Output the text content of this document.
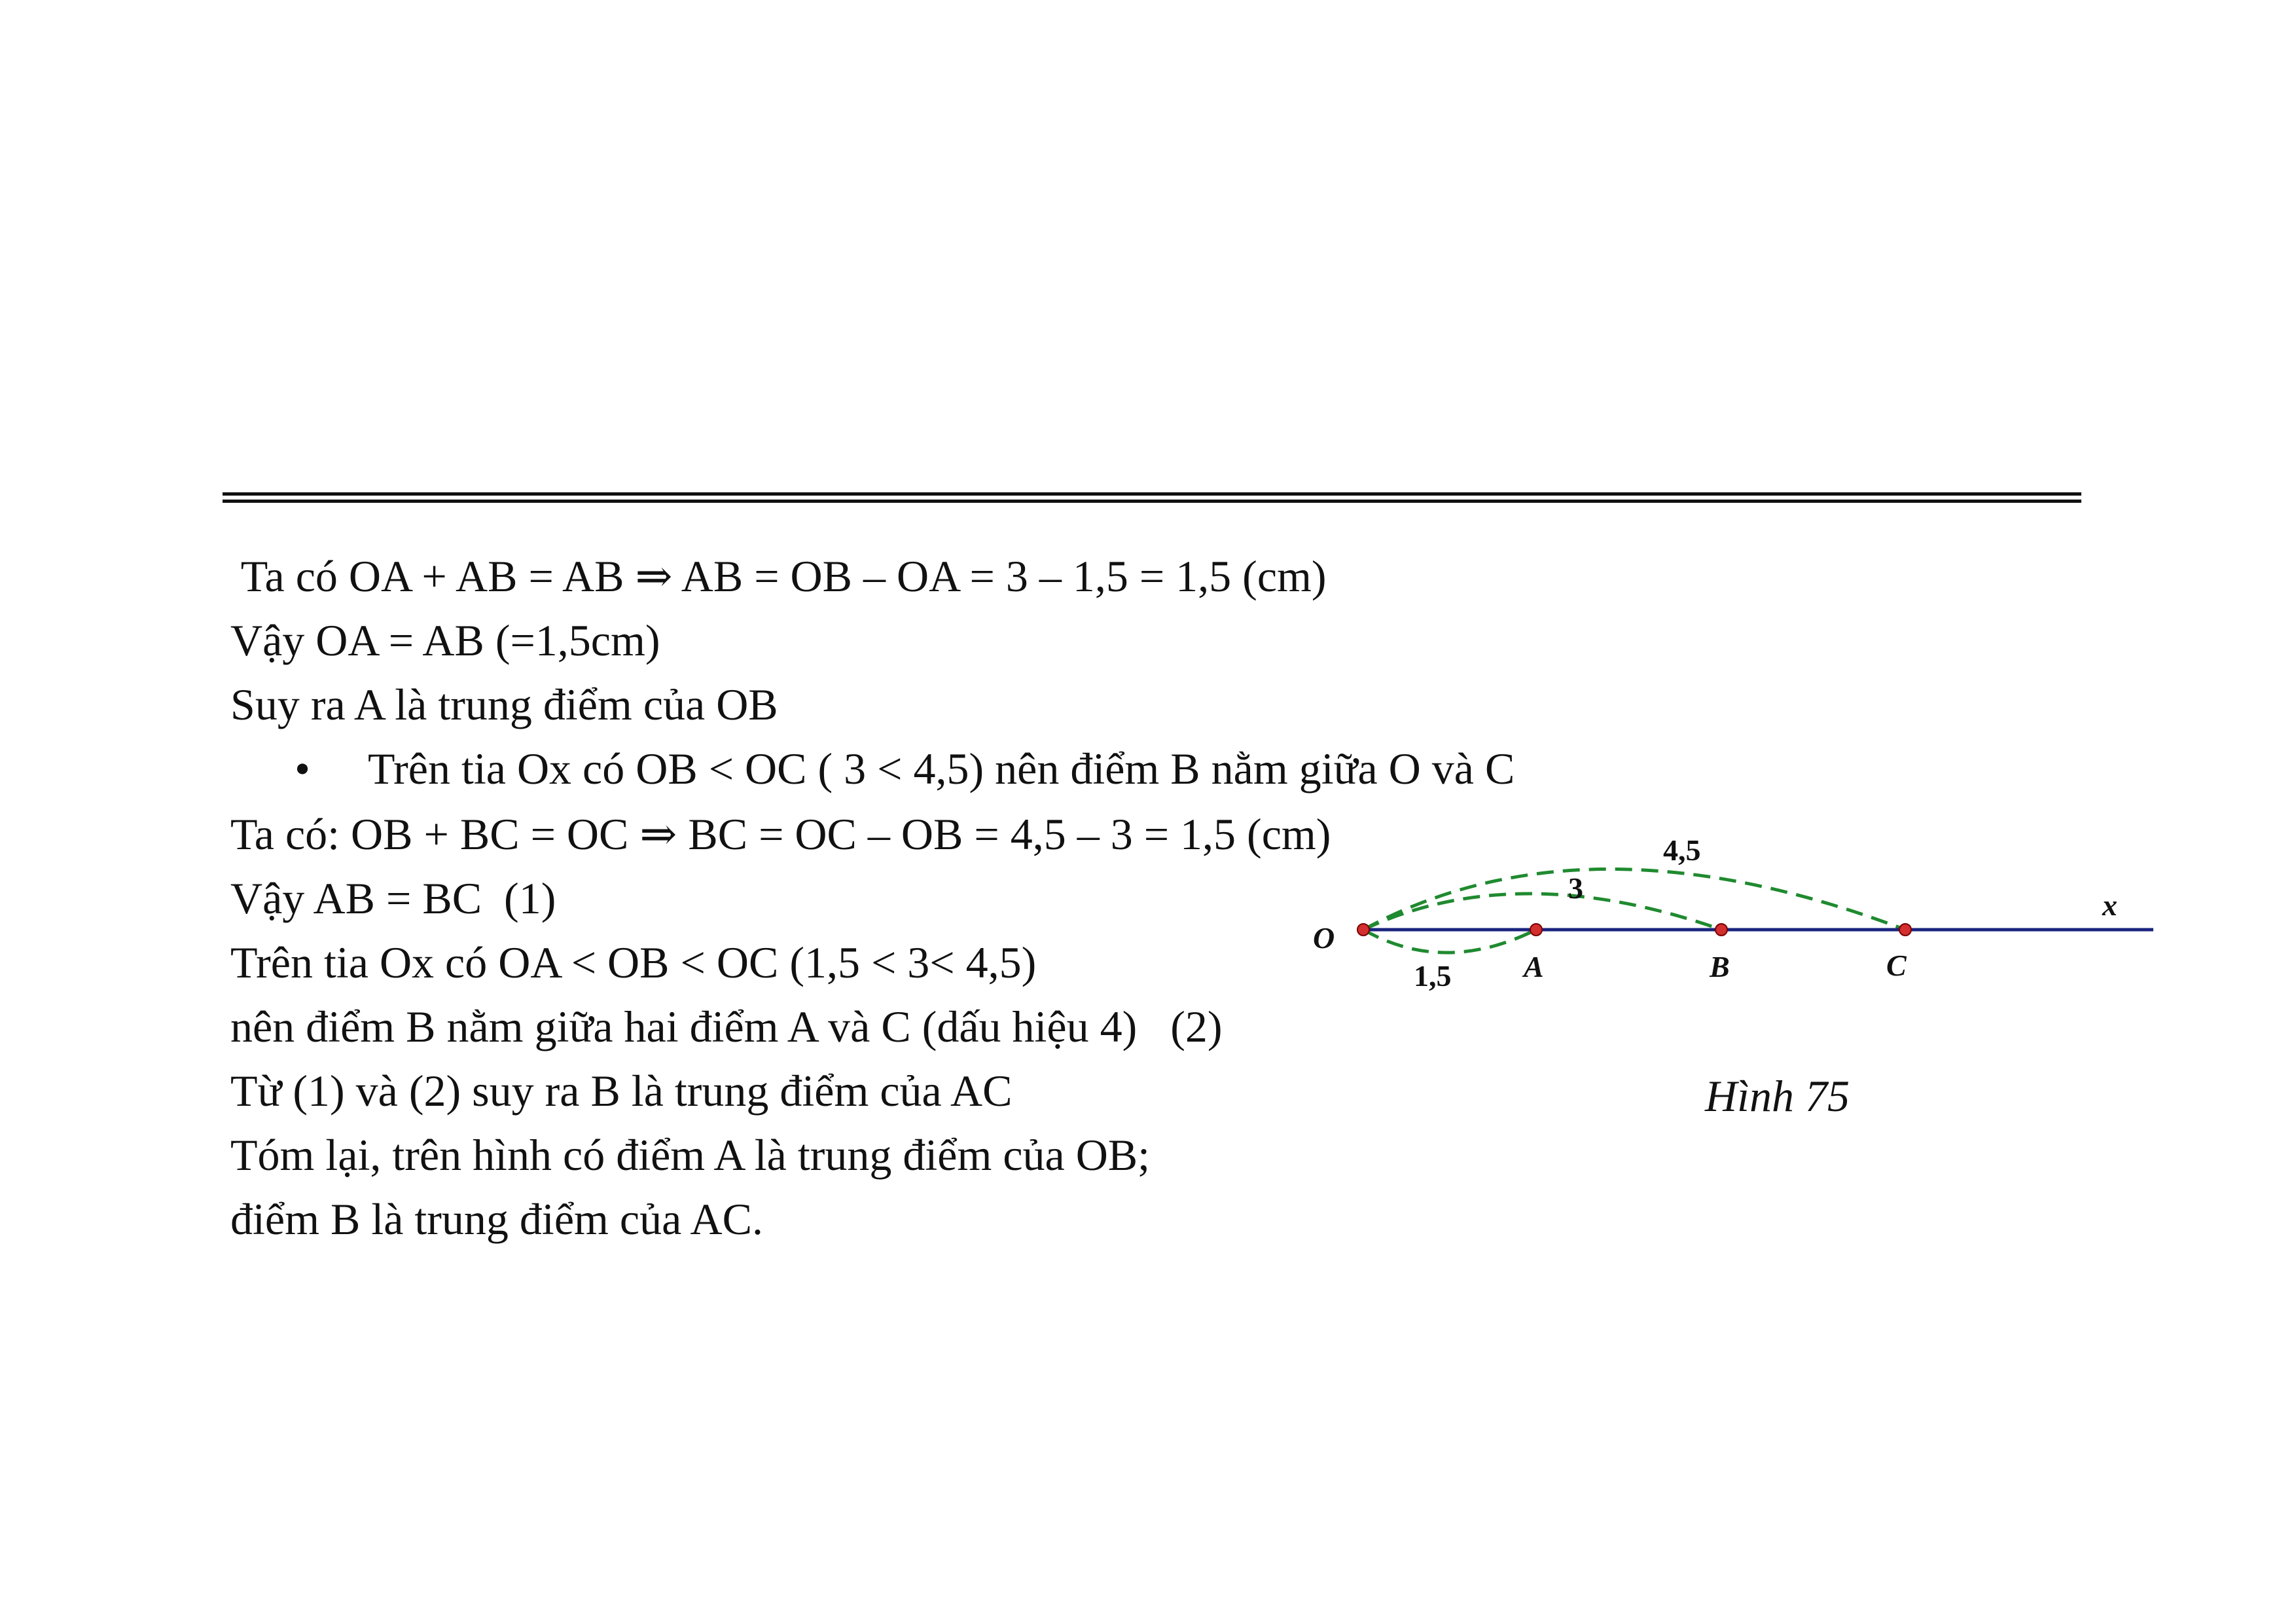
Ta có OA + AB = AB ⇒ AB = OB – OA = 3 – 1,5 = 1,5 (cm)
Vậy OA = AB (=1,5cm)
Suy ra A là trung điểm của OB
• Trên tia Ox có OB < OC ( 3 < 4,5) nên điểm B nằm giữa O và C
Ta có: OB + BC = OC ⇒ BC = OC – OB = 4,5 – 3 = 1,5 (cm)
Vậy AB = BC  (1)
Trên tia Ox có OA < OB < OC (1,5 < 3< 4,5)
nên điểm B nằm giữa hai điểm A và C (dấu hiệu 4)   (2)
Từ (1) và (2) suy ra B là trung điểm của AC
Tóm lại, trên hình có điểm A là trung điểm của OB;
điểm B là trung điểm của AC.
O
A	B	C
x
4,5
3
1,5
Hình 75
